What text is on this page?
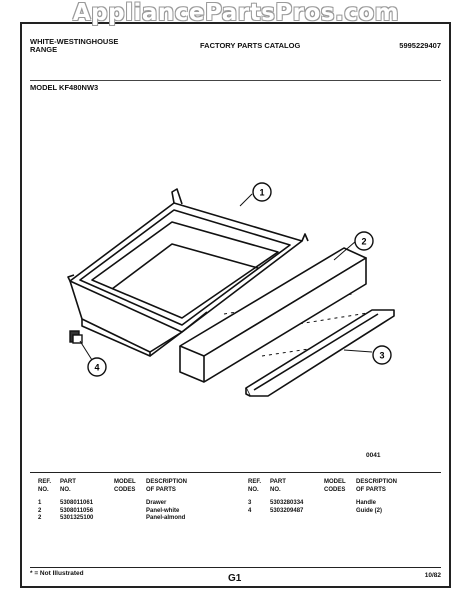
AppliancePartsPros.com
WHITE-WESTINGHOUSE
RANGE	FACTORY PARTS CATALOG	5995229407
MODEL KF480NW3
1
2
3
4
0041
REF.
NO.
PART
NO.
MODEL
CODES
DESCRIPTION
OF PARTS
1	5308011061	Drawer
2	5308011056	Panel-white
2	5301325100	Panel-almond
REF.
NO.
PART
NO.
MODEL
CODES
DESCRIPTION
OF PARTS
3	5303280334	Handle
4	5303209487	Guide (2)
* = Not Illustrated	G1	10/82
